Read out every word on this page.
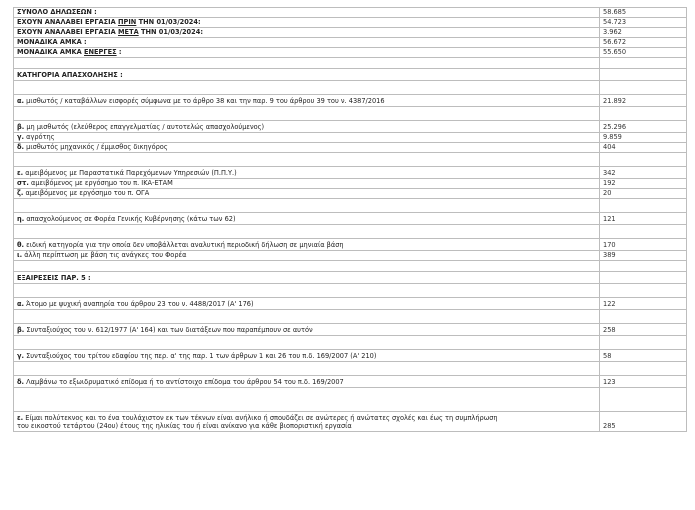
ΣΥΝΟΛΟ ΔΗΛΩΣΕΩΝ :	58.685
ΕΧΟΥΝ ΑΝΑΛΑΒΕΙ ΕΡΓΑΣΙΑ ΠΡΙΝ ΤΗΝ 01/03/2024:	54.723
ΕΧΟΥΝ ΑΝΑΛΑΒΕΙ ΕΡΓΑΣΙΑ ΜΕΤΑ ΤΗΝ 01/03/2024:	3.962
ΜΟΝΑΔΙΚΑ ΑΜΚΑ :	56.672
ΜΟΝΑΔΙΚΑ ΑΜΚΑ ΕΝΕΡΓΕΣ :	55.650

ΚΑΤΗΓΟΡΙΑ ΑΠΑΣΧΟΛΗΣΗΣ :	

α. μισθωτός / καταβάλλων εισφορές σύμφωνα με το άρθρο 38 και την παρ. 9 του άρθρου 39 του ν. 4387/2016	21.892

β. μη μισθωτός (ελεύθερος επαγγελματίας / αυτοτελώς απασχολούμενος)	25.296
γ. αγρότης	9.859
δ. μισθωτός μηχανικός / έμμισθος δικηγόρος	404

ε. αμειβόμενος με Παραστατικά Παρεχόμενων Υπηρεσιών (Π.Π.Υ.)	342
στ. αμειβόμενος με εργόσημο του π. ΙΚΑ-ΕΤΑΜ	192
ζ. αμειβόμενος με εργόσημο του π. ΟΓΑ	20

η. απασχολούμενος σε Φορέα Γενικής Κυβέρνησης (κάτω των 62)	121

θ. ειδική κατηγορία για την οποία δεν υποβάλλεται αναλυτική περιοδική δήλωση σε μηνιαία βάση	170
ι. άλλη περίπτωση με βάση τις ανάγκες του Φορέα	389

ΕΞΑΙΡΕΣΕΙΣ ΠΑΡ. 5 :	

α. Άτομο με ψυχική αναπηρία του άρθρου 23 του ν. 4488/2017 (Α' 176)	122

β. Συνταξιούχος του ν. 612/1977 (Α' 164) και των διατάξεων που παραπέμπουν σε αυτόν	258

γ. Συνταξιούχος του τρίτου εδαφίου της περ. α' της παρ. 1 των άρθρων 1 και 26 του π.δ. 169/2007 (Α' 210)	58

δ. Λαμβάνω το εξωιδρυματικό επίδομα ή το αντίστοιχο επίδομα του άρθρου 54 του π.δ. 169/2007	123

ε. Είμαι πολύτεκνος και το ένα τουλάχιστον εκ των τέκνων είναι ανήλικο ή σπουδάζει σε ανώτερες ή ανώτατες σχολές και έως τη συμπλήρωση
του εικοστού τετάρτου (24ου) έτους της ηλικίας του ή είναι ανίκανο για κάθε βιοποριστική εργασία	285
